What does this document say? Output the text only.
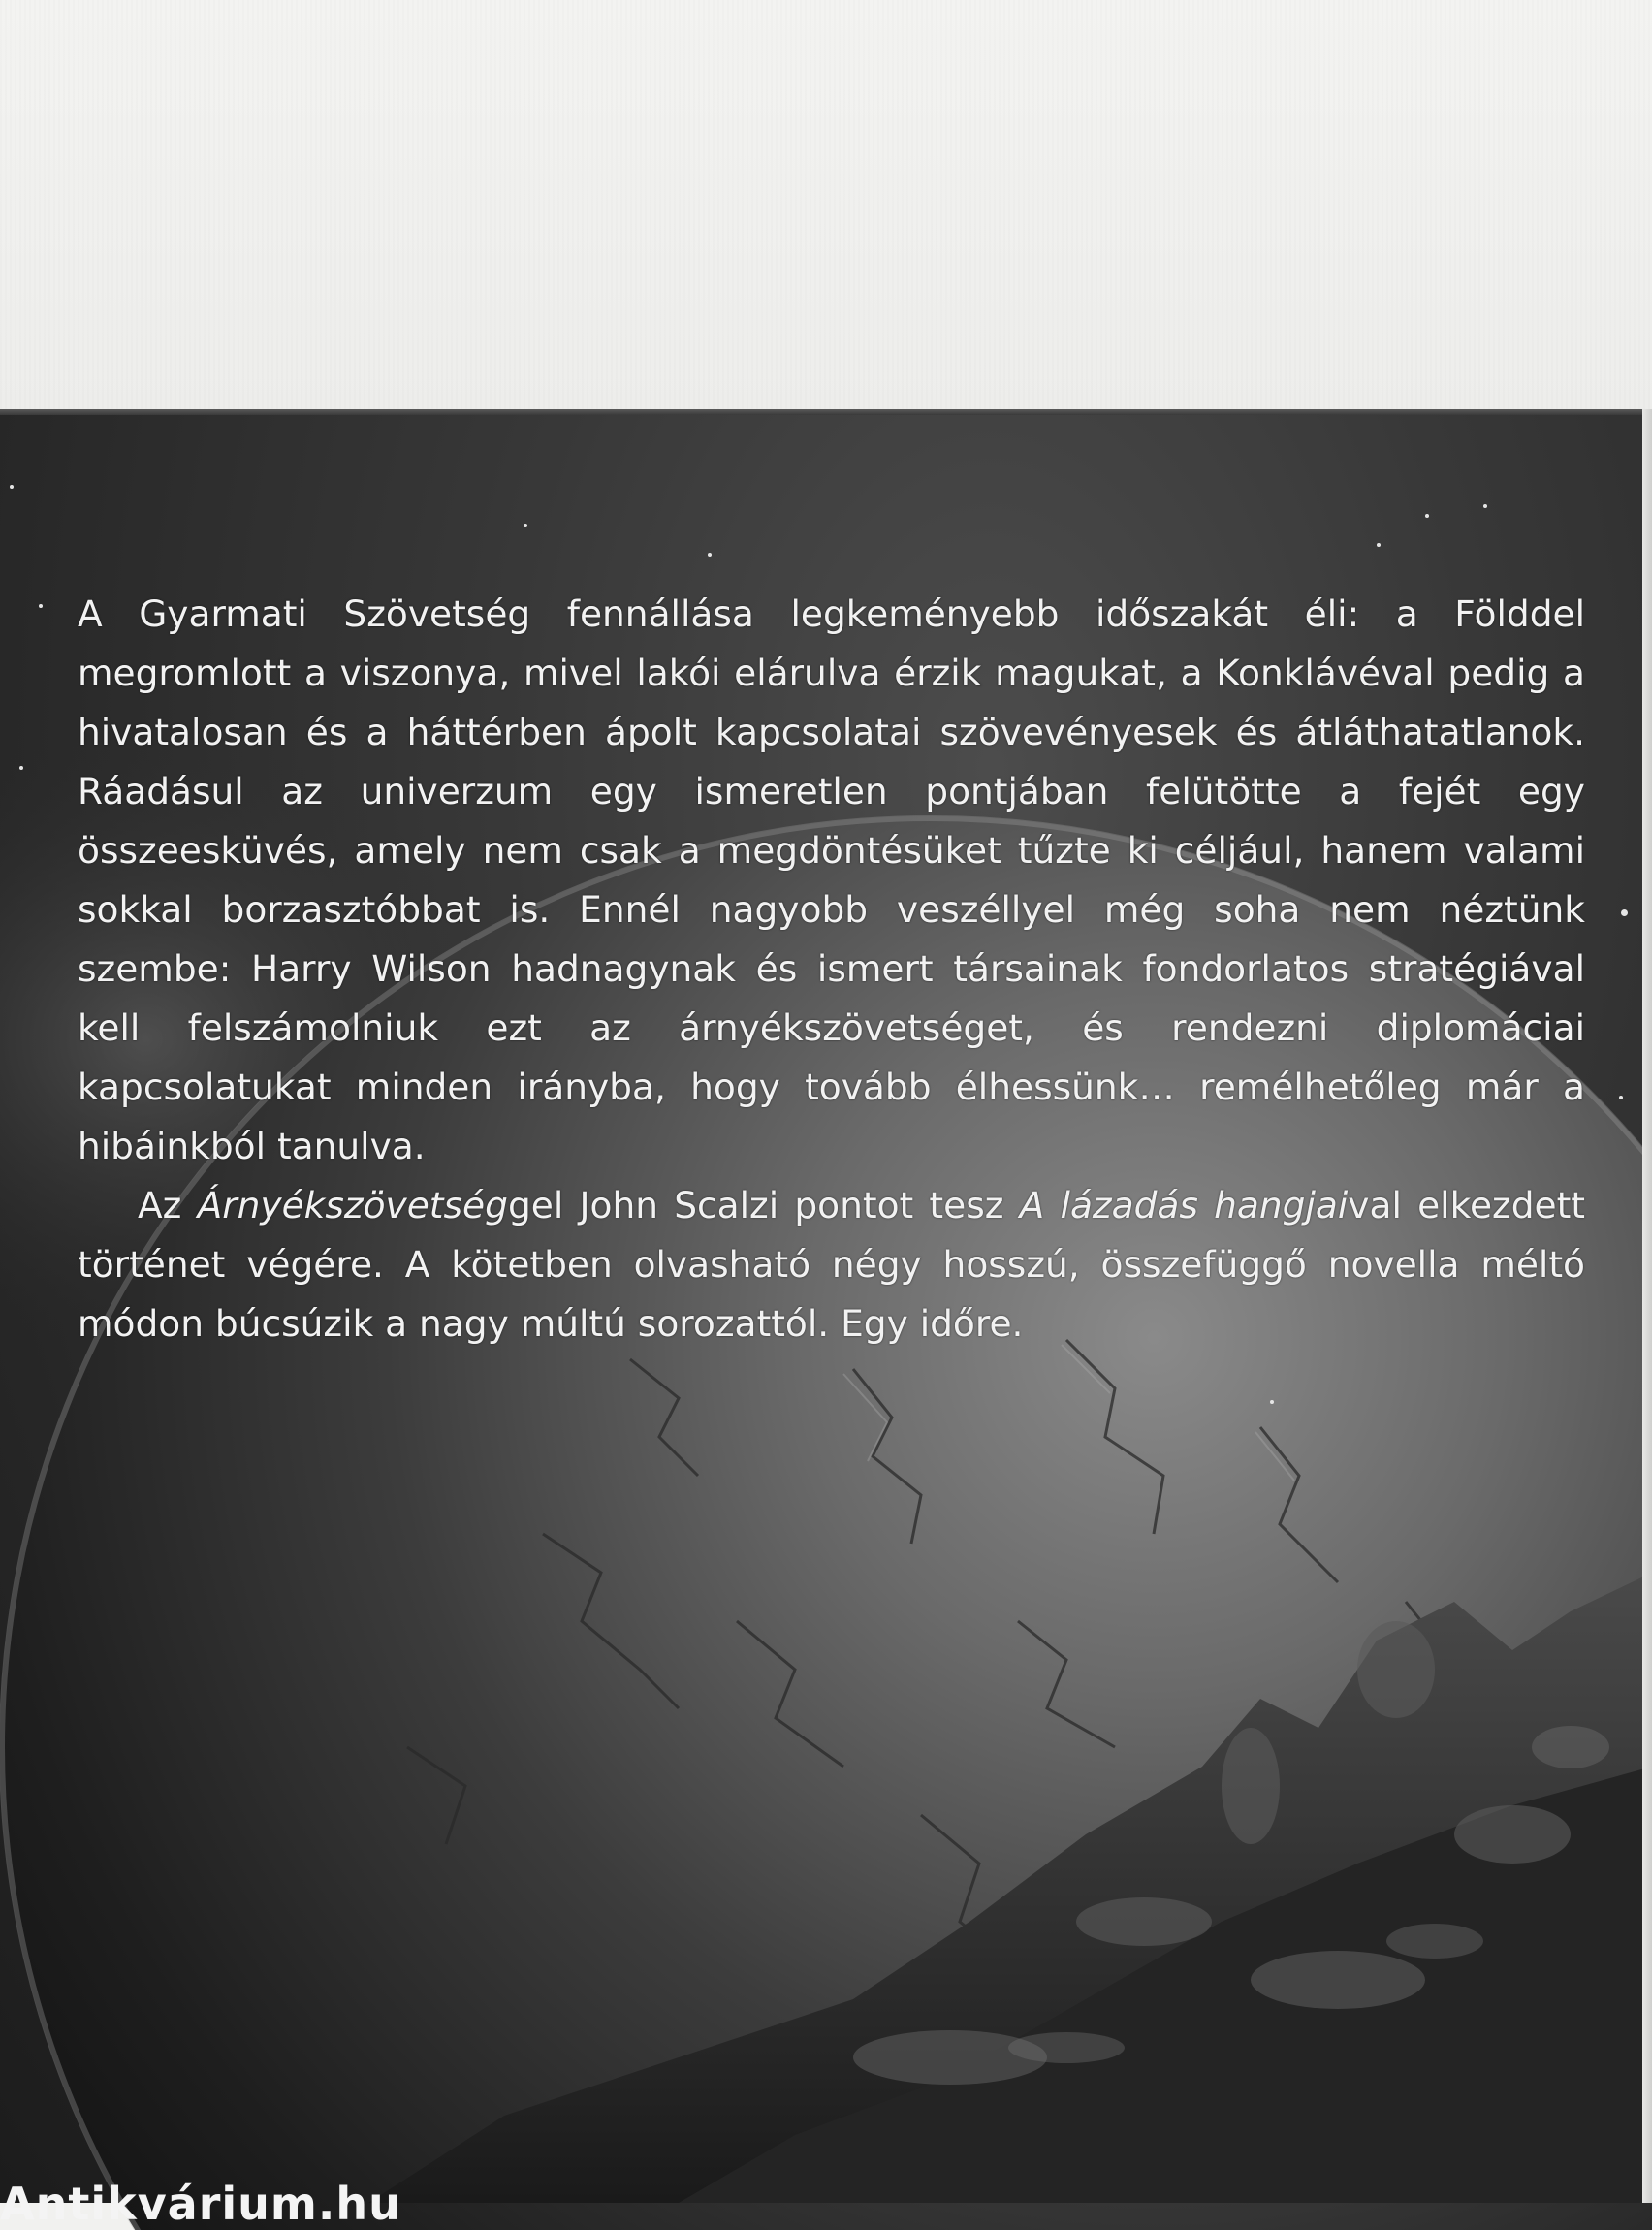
A Gyarmati Szövetség fennállása legkeményebb időszakát éli: a Földdel megromlott a viszonya, mivel lakói elárulva érzik magukat, a Konklávéval pedig a hivatalosan és a háttérben ápolt kapcsolatai szövevényesek és átláthatatlanok. Ráadásul az univerzum egy ismeretlen pontjában felütötte a fejét egy összeesküvés, amely nem csak a megdöntésüket tűzte ki céljául, hanem valami sokkal borzasztóbbat is. Ennél nagyobb veszéllyel még soha nem néztünk szembe: Harry Wilson hadnagynak és ismert társainak fondorlatos stratégiával kell felszámolniuk ezt az árnyékszövetséget, és rendezni diplomáciai kapcsolatukat minden irányba, hogy tovább élhessünk… remélhetőleg már a hibáinkból tanulva.

Az Árnyékszövetséggel John Scalzi pontot tesz A lázadás hangjaival elkezdett történet végére. A kötetben olvasható négy hosszú, összefüggő novella méltó módon búcsúzik a nagy múltú sorozattól. Egy időre.

Antikvárium.hu
